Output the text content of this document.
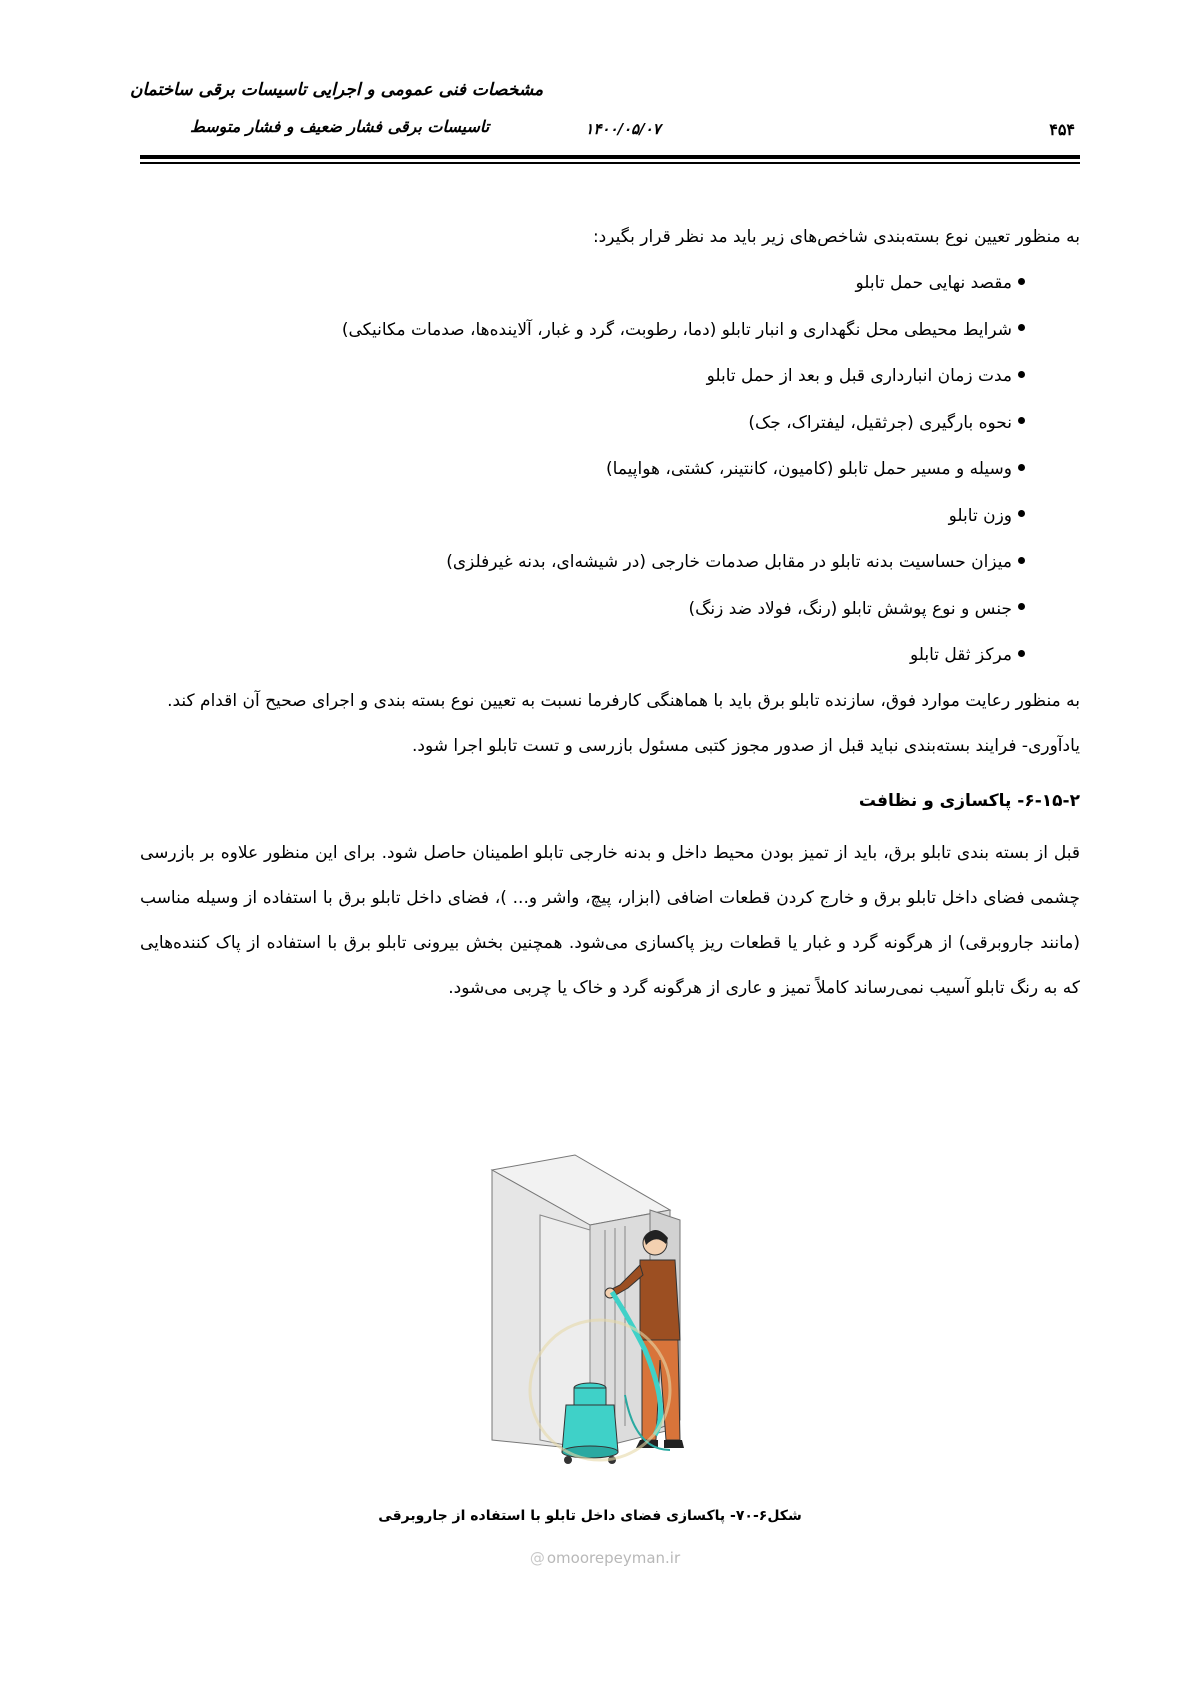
مشخصات فنی عمومی و اجرایی تاسیسات برقی ساختمان
تاسیسات برقی فشار ضعیف و فشار متوسط	۱۴۰۰/۰۵/۰۷	۴۵۴

به منظور تعیین نوع بسته‌بندی شاخص‌های زیر باید مد نظر قرار بگیرد:

مقصد نهایی حمل تابلو
شرایط محیطی محل نگهداری و انبار تابلو (دما، رطوبت، گرد و غبار، آلاینده‌ها، صدمات مکانیکی)
مدت زمان انبارداری قبل و بعد از حمل تابلو
نحوه بارگیری (جرثقیل، لیفتراک، جک)
وسیله و مسیر حمل تابلو (کامیون، کانتینر، کشتی، هواپیما)
وزن تابلو
میزان حساسیت بدنه تابلو در مقابل صدمات خارجی (در شیشه‌ای، بدنه غیرفلزی)
جنس و نوع پوشش تابلو (رنگ، فولاد ضد زنگ)
مرکز ثقل تابلو

به منظور رعایت موارد فوق، سازنده تابلو برق باید با هماهنگی کارفرما نسبت به تعیین نوع بسته بندی و اجرای صحیح آن اقدام کند.

یادآوری- فرایند بسته‌بندی نباید قبل از صدور مجوز کتبی مسئول بازرسی و تست تابلو اجرا شود.

۶-۱۵-۲- پاکسازی و نظافت

قبل از بسته بندی تابلو برق، باید از تمیز بودن محیط داخل و بدنه خارجی تابلو اطمینان حاصل شود. برای این منظور علاوه بر بازرسی چشمی فضای داخل تابلو برق و خارج کردن قطعات اضافی (ابزار، پیچ، واشر و... )، فضای داخل تابلو برق با استفاده از وسیله مناسب (مانند جاروبرقی) از هرگونه گرد و غبار یا قطعات ریز پاکسازی می‌شود. همچنین بخش بیرونی تابلو برق با استفاده از پاک کننده‌هایی که به رنگ تابلو آسیب نمی‌رساند کاملاً تمیز و عاری از هرگونه گرد و خاک یا چربی می‌شود.

شکل۶-۷۰- پاکسازی فضای داخل تابلو با استفاده از جاروبرقی
@ omoorepeyman.ir
